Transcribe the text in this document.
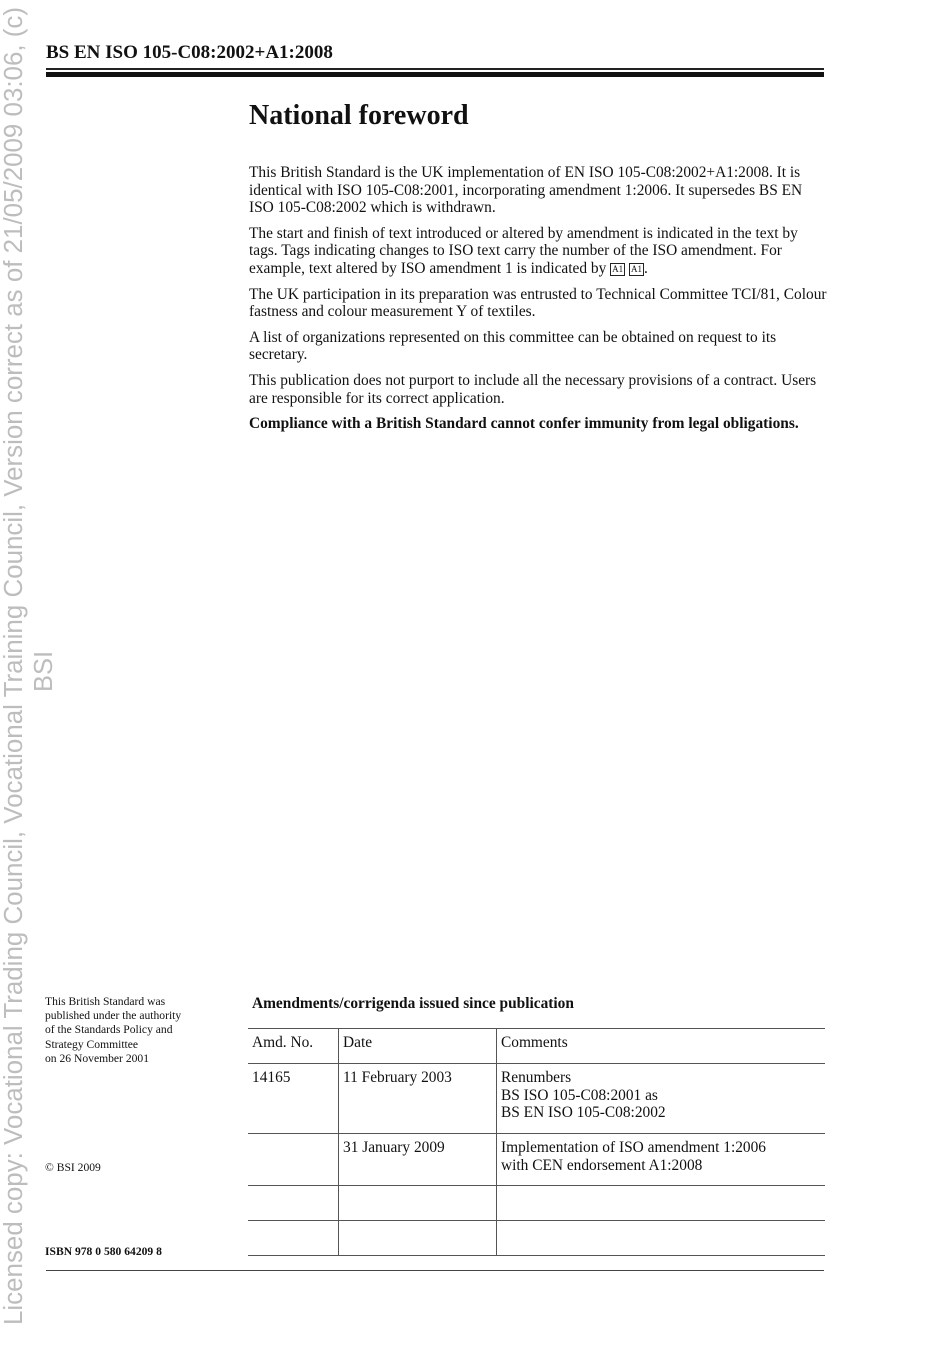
Licensed copy: Vocational Trading Council, Vocational Training Council, Version correct as of 21/05/2009 03:06, (c) BSI
BS EN ISO 105-C08:2002+A1:2008
National foreword

This British Standard is the UK implementation of EN ISO 105-C08:2002+A1:2008. It is identical with ISO 105-C08:2001, incorporating amendment 1:2006. It supersedes BS EN ISO 105-C08:2002 which is withdrawn.

The start and finish of text introduced or altered by amendment is indicated in the text by tags. Tags indicating changes to ISO text carry the number of the ISO amendment. For example, text altered by ISO amendment 1 is indicated by A1 A1 .

The UK participation in its preparation was entrusted to Technical Committee TCI/81, Colour fastness and colour measurement Y of textiles.

A list of organizations represented on this committee can be obtained on request to its secretary.

This publication does not purport to include all the necessary provisions of a contract. Users are responsible for its correct application.

Compliance with a British Standard cannot confer immunity from legal obligations.

This British Standard was
published under the authority
of the Standards Policy and
Strategy Committee
on 26 November 2001
© BSI 2009
ISBN 978 0 580 64209 8
Amendments/corrigenda issued since publication
Amd. No.	Date	Comments
14165	11 February 2003	Renumbers
BS ISO 105-C08:2001 as
BS EN ISO 105-C08:2002

	31 January 2009	Implementation of ISO amendment 1:2006
with CEN endorsement A1:2008
